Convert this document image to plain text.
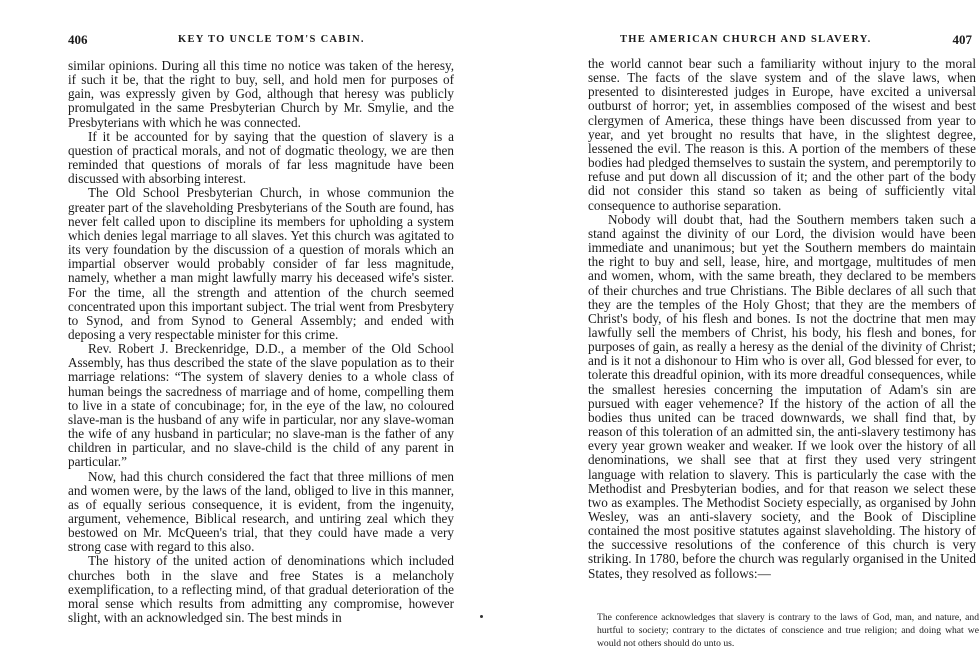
406	KEY TO UNCLE TOM'S CABIN.

similar opinions. During all this time no notice was taken of the heresy, if such it be, that the right to buy, sell, and hold men for purposes of gain, was expressly given by God, although that heresy was publicly promulgated in the same Presbyterian Church by Mr. Smylie, and the Presbyterians with which he was connected.

If it be accounted for by saying that the question of slavery is a question of practical morals, and not of dogmatic theology, we are then reminded that questions of morals of far less magnitude have been discussed with absorbing interest.

The Old School Presbyterian Church, in whose communion the greater part of the slaveholding Presbyterians of the South are found, has never felt called upon to discipline its members for upholding a system which denies legal marriage to all slaves. Yet this church was agitated to its very foundation by the discussion of a question of morals which an impartial observer would probably consider of far less magnitude, namely, whether a man might lawfully marry his deceased wife's sister. For the time, all the strength and attention of the church seemed concentrated upon this important subject. The trial went from Presbytery to Synod, and from Synod to General Assembly; and ended with deposing a very respectable minister for this crime.

Rev. Robert J. Breckenridge, D.D., a member of the Old School Assembly, has thus described the state of the slave population as to their marriage relations: “The system of slavery denies to a whole class of human beings the sacredness of marriage and of home, compelling them to live in a state of concubinage; for, in the eye of the law, no coloured slave-man is the husband of any wife in particular, nor any slave-woman the wife of any husband in particular; no slave-man is the father of any children in particular, and no slave-child is the child of any parent in particular.”

Now, had this church considered the fact that three millions of men and women were, by the laws of the land, obliged to live in this manner, as of equally serious consequence, it is evident, from the ingenuity, argument, vehemence, Biblical research, and untiring zeal which they bestowed on Mr. McQueen's trial, that they could have made a very strong case with regard to this also.

The history of the united action of denominations which included churches both in the slave and free States is a melancholy exemplification, to a reflecting mind, of that gradual deterioration of the moral sense which results from admitting any compromise, however slight, with an acknowledged sin. The best minds in

THE AMERICAN CHURCH AND SLAVERY.	407

the world cannot bear such a familiarity without injury to the moral sense. The facts of the slave system and of the slave laws, when presented to disinterested judges in Europe, have excited a universal outburst of horror; yet, in assemblies composed of the wisest and best clergymen of America, these things have been discussed from year to year, and yet brought no results that have, in the slightest degree, lessened the evil. The reason is this. A portion of the members of these bodies had pledged themselves to sustain the system, and peremptorily to refuse and put down all discussion of it; and the other part of the body did not consider this stand so taken as being of sufficiently vital consequence to authorise separation.

Nobody will doubt that, had the Southern members taken such a stand against the divinity of our Lord, the division would have been immediate and unanimous; but yet the Southern members do maintain the right to buy and sell, lease, hire, and mortgage, multitudes of men and women, whom, with the same breath, they declared to be members of their churches and true Christians. The Bible declares of all such that they are the temples of the Holy Ghost; that they are the members of Christ's body, of his flesh and bones. Is not the doctrine that men may lawfully sell the members of Christ, his body, his flesh and bones, for purposes of gain, as really a heresy as the denial of the divinity of Christ; and is it not a dishonour to Him who is over all, God blessed for ever, to tolerate this dreadful opinion, with its more dreadful consequences, while the smallest heresies concerning the imputation of Adam's sin are pursued with eager vehemence? If the history of the action of all the bodies thus united can be traced downwards, we shall find that, by reason of this toleration of an admitted sin, the anti-slavery testimony has every year grown weaker and weaker. If we look over the history of all denominations, we shall see that at first they used very stringent language with relation to slavery. This is particularly the case with the Methodist and Presbyterian bodies, and for that reason we select these two as examples. The Methodist Society especially, as organised by John Wesley, was an anti-slavery society, and the Book of Discipline contained the most positive statutes against slaveholding. The history of the successive resolutions of the conference of this church is very striking. In 1780, before the church was regularly organised in the United States, they resolved as follows:—

The conference acknowledges that slavery is contrary to the laws of God, man, and nature, and hurtful to society; contrary to the dictates of conscience and true religion; and doing what we would not others should do unto us.
